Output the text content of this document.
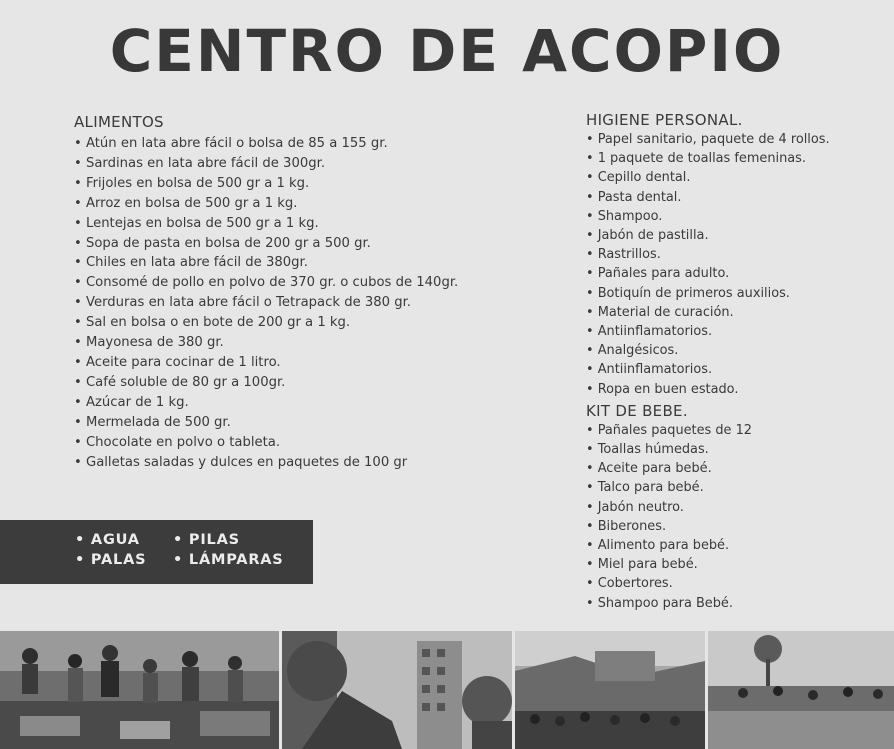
CENTRO DE ACOPIO
ALIMENTOS
• Atún en lata abre fácil o bolsa de 85 a 155 gr.
• Sardinas en lata abre fácil de 300gr.
• Frijoles en bolsa de 500 gr a 1 kg.
• Arroz en bolsa de 500 gr a 1 kg.
• Lentejas en bolsa de 500 gr a 1 kg.
• Sopa de pasta en bolsa de 200 gr a 500 gr.
• Chiles en lata abre fácil de 380gr.
• Consomé de pollo en polvo de 370 gr. o cubos de 140gr.
• Verduras en lata abre fácil o Tetrapack de 380 gr.
• Sal en bolsa o en bote de 200 gr a 1 kg.
• Mayonesa de 380 gr.
• Aceite para cocinar de 1 litro.
• Café soluble de 80 gr a 100gr.
• Azúcar de 1 kg.
• Mermelada de 500 gr.
• Chocolate en polvo o tableta.
• Galletas saladas y dulces en paquetes de 100 gr
HIGIENE PERSONAL.
• Papel sanitario, paquete de 4 rollos.
• 1 paquete de toallas femeninas.
• Cepillo dental.
• Pasta dental.
• Shampoo.
• Jabón de pastilla.
• Rastrillos.
• Pañales para adulto.
• Botiquín de primeros auxilios.
• Material de curación.
• Antiinflamatorios.
• Analgésicos.
• Antiinflamatorios.
• Ropa en buen estado.
KIT DE BEBE.
• Pañales paquetes de 12
• Toallas húmedas.
• Aceite para bebé.
• Talco para bebé.
• Jabón neutro.
• Biberones.
• Alimento para bebé.
• Miel para bebé.
• Cobertores.
• Shampoo para Bebé.
• AGUA	• PILAS
• PALAS	• LÁMPARAS
